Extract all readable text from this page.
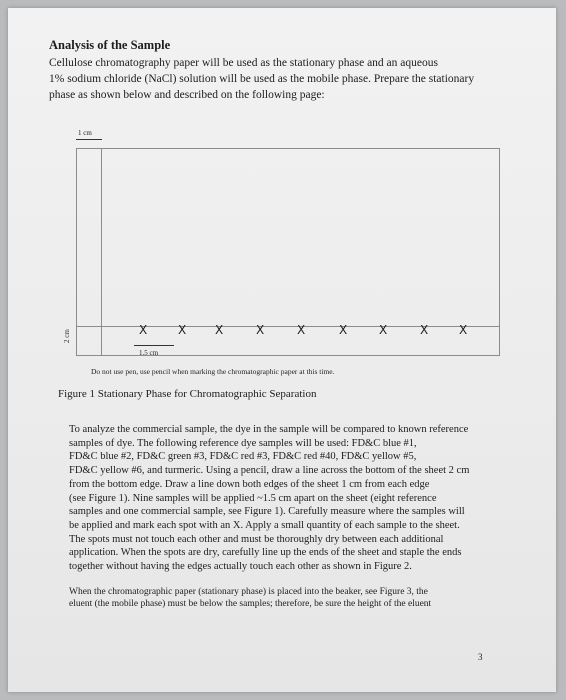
Analysis of the Sample

Cellulose chromatography paper will be used as the stationary phase and an aqueous

1% sodium chloride (NaCl) solution will be used as the mobile phase. Prepare the stationary

phase as shown below and described on the following page:

1 cm
2 cm	X	X X	X	X	X	X	X	X
1.5 cm
Do not use pen, use pencil when marking the chromatographic paper at this time.
Figure 1 Stationary Phase for Chromatographic Separation

To analyze the commercial sample, the dye in the sample will be compared to known reference

samples of dye. The following reference dye samples will be used: FD&C blue #1,

FD&C blue #2, FD&C green #3, FD&C red #3, FD&C red #40, FD&C yellow #5,

FD&C yellow #6, and turmeric. Using a pencil, draw a line across the bottom of the sheet 2 cm

from the bottom edge. Draw a line down both edges of the sheet 1 cm from each edge

(see Figure 1). Nine samples will be applied ~1.5 cm apart on the sheet (eight reference

samples and one commercial sample, see Figure 1). Carefully measure where the samples will

be applied and mark each spot with an X. Apply a small quantity of each sample to the sheet.

The spots must not touch each other and must be thoroughly dry between each additional

application. When the spots are dry, carefully line up the ends of the sheet and staple the ends

together without having the edges actually touch each other as shown in Figure 2.

When the chromatographic paper (stationary phase) is placed into the beaker, see Figure 3, the

eluent (the mobile phase) must be below the samples; therefore, be sure the height of the eluent

3
